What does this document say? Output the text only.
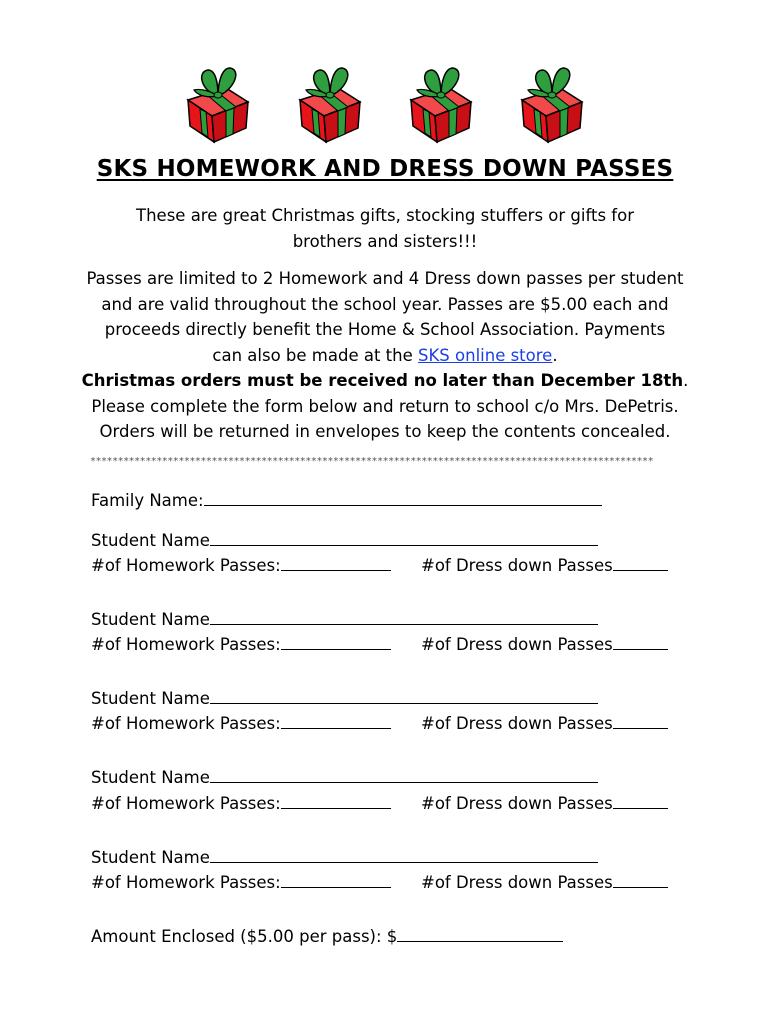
SKS HOMEWORK AND DRESS DOWN PASSES
These are great Christmas gifts, stocking stuffers or gifts for
brothers and sisters!!!
Passes are limited to 2 Homework and 4 Dress down passes per student
and are valid throughout the school year. Passes are $5.00 each and
proceeds directly benefit the Home & School Association. Payments
can also be made at the SKS online store.
Christmas orders must be received no later than December 18th.
Please complete the form below and return to school c/o Mrs. DePetris.
Orders will be returned in envelopes to keep the contents concealed.
******************************************************************************************************
Family Name:
Student Name
#of Homework Passes:	#of Dress down Passes
Student Name
#of Homework Passes:	#of Dress down Passes
Student Name
#of Homework Passes:	#of Dress down Passes
Student Name
#of Homework Passes:	#of Dress down Passes
Student Name
#of Homework Passes:	#of Dress down Passes
Amount Enclosed ($5.00 per pass): $
